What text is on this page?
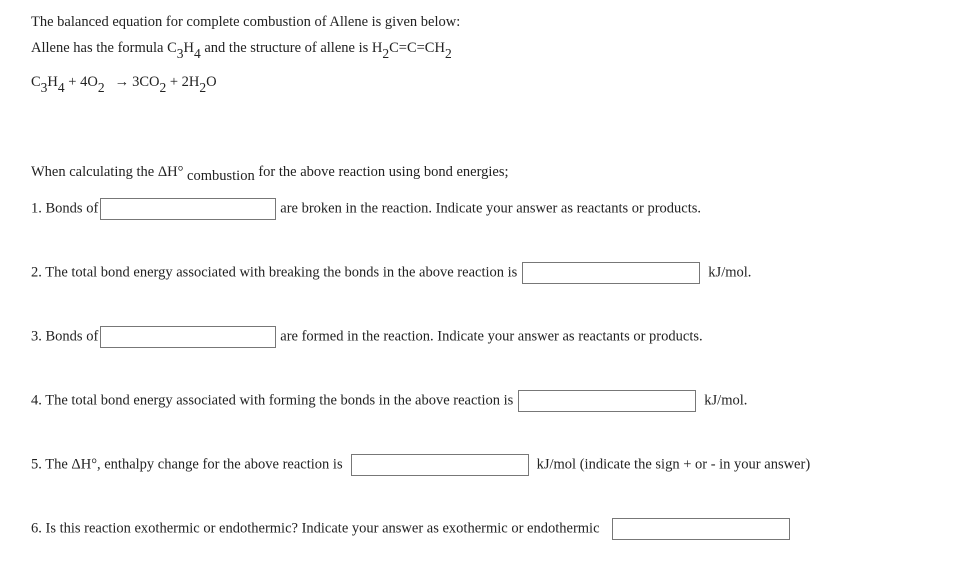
The balanced equation for complete combustion of Allene is given below:
Allene has the formula C3H4 and the structure of allene is H2C=C=CH2
C3H4 + 4O2 → 3CO2 + 2H2O
When calculating the ΔH° combustion for the above reaction using bond energies;
1. Bonds of	are broken in the reaction. Indicate your answer as reactants or products.
2. The total bond energy associated with breaking the bonds in the above reaction is	kJ/mol.
3. Bonds of	are formed in the reaction. Indicate your answer as reactants or products.
4. The total bond energy associated with forming the bonds in the above reaction is	kJ/mol.
5. The ΔH°, enthalpy change for the above reaction is	kJ/mol (indicate the sign + or - in your answer)
6. Is this reaction exothermic or endothermic? Indicate your answer as exothermic or endothermic
